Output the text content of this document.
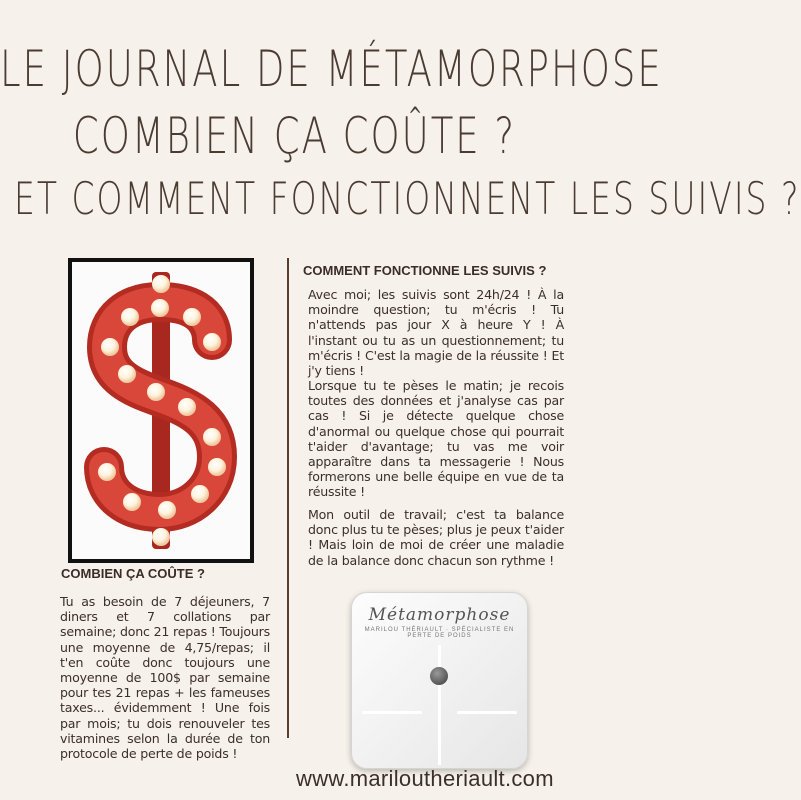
LE JOURNAL DE MÉTAMORPHOSE
COMBIEN ÇA COÛTE ?
ET COMMENT FONCTIONNENT LES SUIVIS ?
COMMENT FONCTIONNE LES SUIVIS ?
Avec moi; les suivis sont 24h/24 ! À la moindre question; tu m'écris ! Tu n'attends pas jour X à heure Y ! À l'instant ou tu as un questionnement; tu m'écris ! C'est la magie de la réussite ! Et j'y tiens !
Lorsque tu te pèses le matin; je recois toutes des données et j'analyse cas par cas ! Si je détecte quelque chose d'anormal ou quelque chose qui pourrait t'aider d'avantage; tu vas me voir apparaître dans ta messagerie ! Nous formerons une belle équipe en vue de ta réussite !
Mon outil de travail; c'est ta balance donc plus tu te pèses; plus je peux t'aider ! Mais loin de moi de créer une maladie de la balance donc chacun son rythme !
COMBIEN ÇA COÛTE ?
Tu as besoin de 7 déjeuners, 7 diners et 7 collations par semaine; donc 21 repas ! Toujours une moyenne de 4,75/repas; il t'en coûte donc toujours une moyenne de 100$ par semaine pour tes 21 repas + les fameuses taxes... évidemment ! Une fois par mois; tu dois renouveler tes vitamines selon la durée de ton protocole de perte de poids !
Métamorphose
MARILOU THÉRIAULT · SPÉCIALISTE EN PERTE DE POIDS
www.mariloutheriault.com
